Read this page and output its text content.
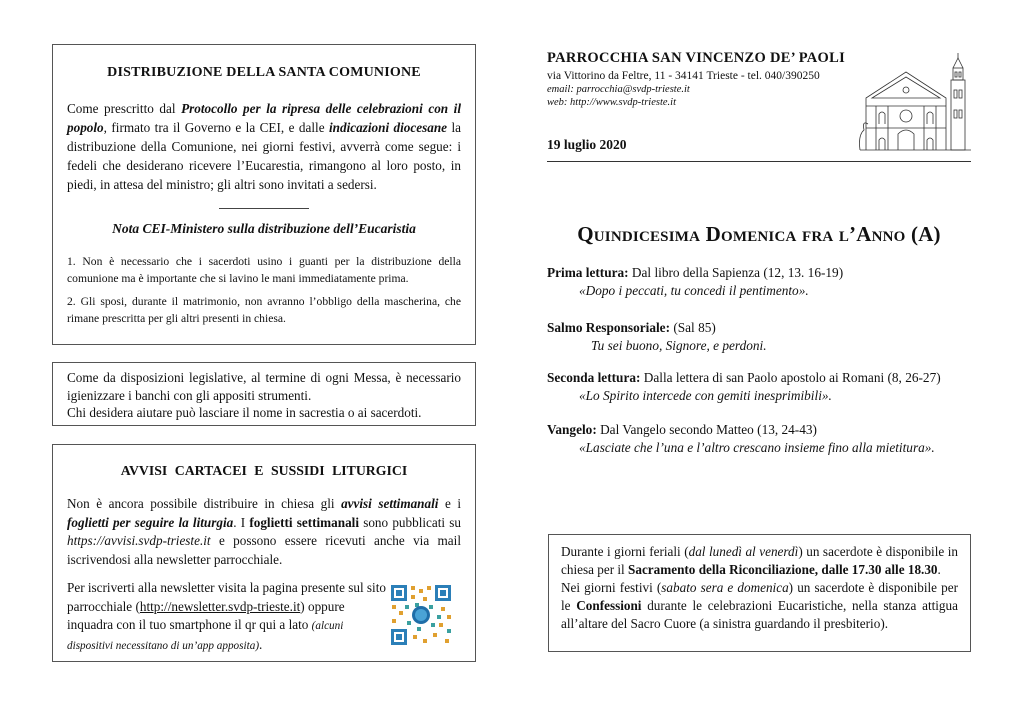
DISTRIBUZIONE DELLA SANTA COMUNIONE

Come prescritto dal Protocollo per la ripresa delle celebrazioni con il popolo, firmato tra il Governo e la CEI, e dalle indicazioni diocesane la distribuzione della Comunione, nei giorni festivi, avverrà come segue: i fedeli che desiderano ricevere l’Eucarestia, rimangono al loro posto, in piedi, in attesa del ministro; gli altri sono invitati a sedersi.

Nota CEI-Ministero sulla distribuzione dell’Eucaristia

1. Non è necessario che i sacerdoti usino i guanti per la distribuzione della comunione ma è importante che si lavino le mani immediatamente prima.

2. Gli sposi, durante il matrimonio, non avranno l’obbligo della mascherina, che rimane prescritta per gli altri presenti in chiesa.

Come da disposizioni legislative, al termine di ogni Messa, è necessario igienizzare i banchi con gli appositi strumenti.

Chi desidera aiutare può lasciare il nome in sacrestia o ai sacerdoti.

AVVISI CARTACEI E SUSSIDI LITURGICI

Non è ancora possibile distribuire in chiesa gli avvisi settimanali e i foglietti per seguire la liturgia. I foglietti settimanali sono pubblicati su https://avvisi.svdp-trieste.it e possono essere ricevuti anche via mail iscrivendosi alla newsletter parrocchiale.

Per iscriverti alla newsletter visita la pagina presente sul sito parrocchiale (http://newsletter.svdp-trieste.it) oppure inquadra con il tuo smartphone il qr qui a lato (alcuni dispositivi necessitano di un’app apposita).

PARROCCHIA SAN VINCENZO DE’ PAOLI
via Vittorino da Feltre, 11 - 34141 Trieste - tel. 040/390250
email: parrocchia@svdp-trieste.it
web: http://www.svdp-trieste.it
19 luglio 2020
Quindicesima Domenica fra l’Anno (A)
Prima lettura: Dal libro della Sapienza (12, 13. 16-19)
«Dopo i peccati, tu concedi il pentimento».
Salmo Responsoriale: (Sal 85)
Tu sei buono, Signore, e perdoni.
Seconda lettura: Dalla lettera di san Paolo apostolo ai Romani (8, 26-27)
«Lo Spirito intercede con gemiti inesprimibili».
Vangelo: Dal Vangelo secondo Matteo (13, 24-43)
«Lasciate che l’una e l’altro crescano insieme fino alla mietitura».

Durante i giorni feriali (dal lunedì al venerdì) un sacerdote è disponibile in chiesa per il Sacramento della Riconciliazione, dalle 17.30 alle 18.30.

Nei giorni festivi (sabato sera e domenica) un sacerdote è disponibile per le Confessioni durante le celebrazioni Eucaristiche, nella stanza attigua all’altare del Sacro Cuore (a sinistra guardando il presbiterio).
